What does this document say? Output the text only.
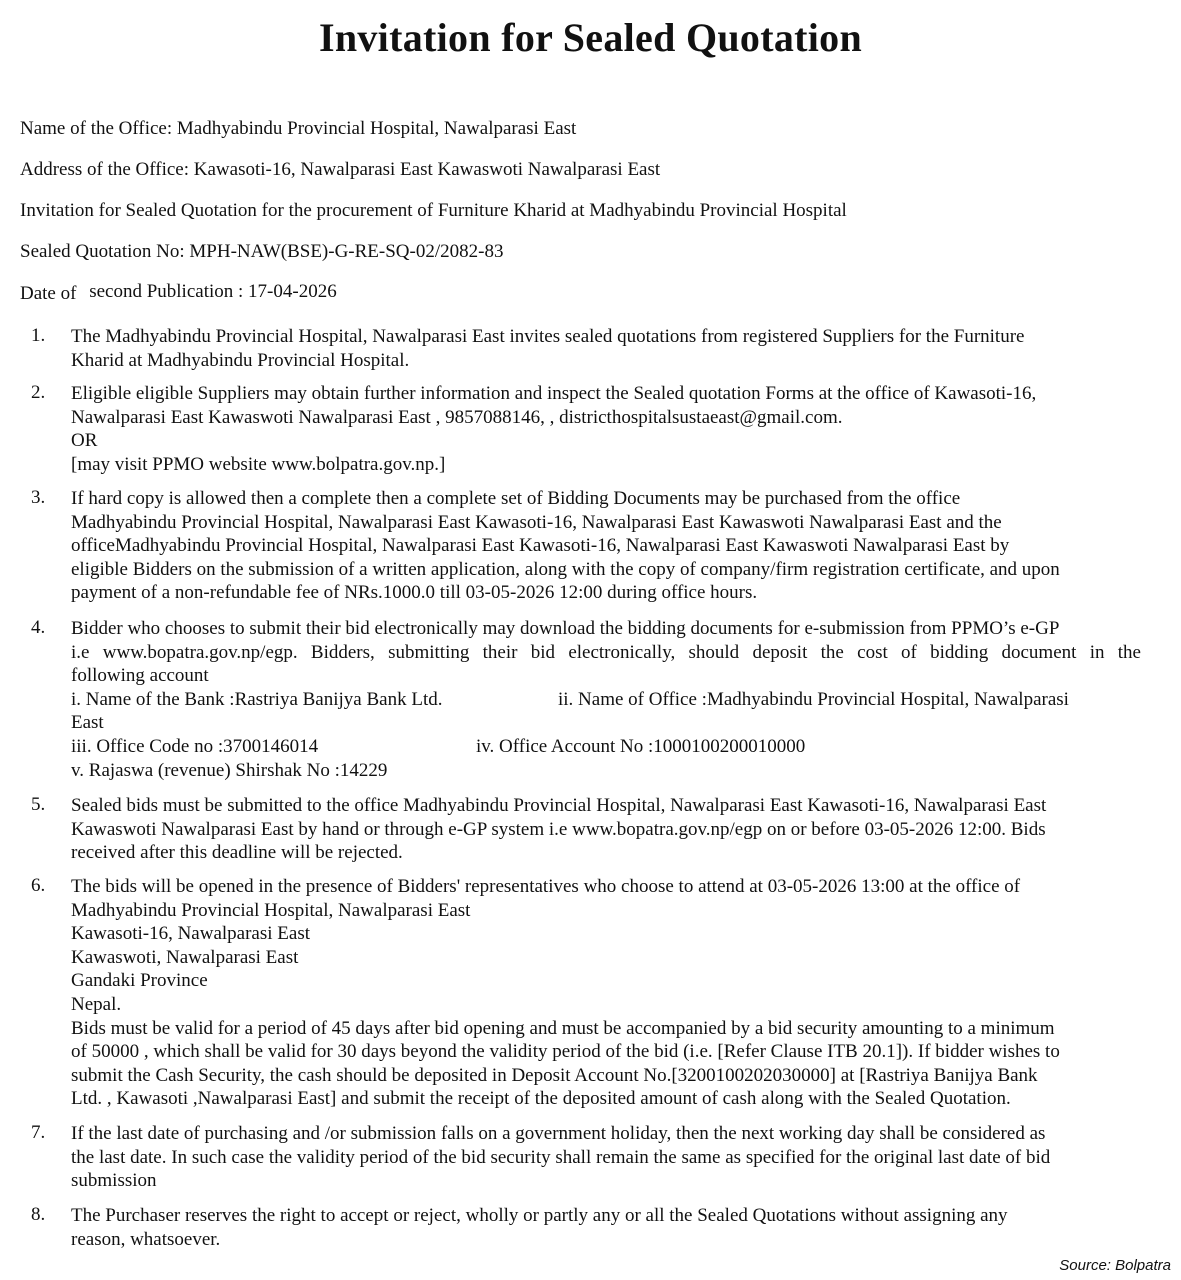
Invitation for Sealed Quotation
Name of the Office: Madhyabindu Provincial Hospital, Nawalparasi East
Address of the Office: Kawasoti-16, Nawalparasi East Kawaswoti Nawalparasi East
Invitation for Sealed Quotation for the procurement of Furniture Kharid at Madhyabindu Provincial Hospital
Sealed Quotation No: MPH-NAW(BSE)-G-RE-SQ-02/2082-83
Date of second Publication : 17-04-2026
1. The Madhyabindu Provincial Hospital, Nawalparasi East invites sealed quotations from registered Suppliers for the Furniture
Kharid at Madhyabindu Provincial Hospital.
2. Eligible eligible Suppliers may obtain further information and inspect the Sealed quotation Forms at the office of Kawasoti-16,
Nawalparasi East Kawaswoti Nawalparasi East , 9857088146, , districthospitalsustaeast@gmail.com.
OR
[may visit PPMO website www.bolpatra.gov.np.]
3. If hard copy is allowed then a complete then a complete set of Bidding Documents may be purchased from the office
Madhyabindu Provincial Hospital, Nawalparasi East Kawasoti-16, Nawalparasi East Kawaswoti Nawalparasi East and the
officeMadhyabindu Provincial Hospital, Nawalparasi East Kawasoti-16, Nawalparasi East Kawaswoti Nawalparasi East by
eligible Bidders on the submission of a written application, along with the copy of company/firm registration certificate, and upon
payment of a non-refundable fee of NRs.1000.0 till 03-05-2026 12:00 during office hours.
4. Bidder who chooses to submit their bid electronically may download the bidding documents for e-submission from PPMO’s e-GP
i.e www.bopatra.gov.np/egp. Bidders, submitting their bid electronically, should deposit the cost of bidding document in the
following account
i. Name of the Bank :Rastriya Banijya Bank Ltd.	ii. Name of Office :Madhyabindu Provincial Hospital, Nawalparasi
East
iii. Office Code no :3700146014	iv. Office Account No :1000100200010000
v. Rajaswa (revenue) Shirshak No :14229
5. Sealed bids must be submitted to the office Madhyabindu Provincial Hospital, Nawalparasi East Kawasoti-16, Nawalparasi East
Kawaswoti Nawalparasi East by hand or through e-GP system i.e www.bopatra.gov.np/egp on or before 03-05-2026 12:00. Bids
received after this deadline will be rejected.
6. The bids will be opened in the presence of Bidders' representatives who choose to attend at 03-05-2026 13:00 at the office of
Madhyabindu Provincial Hospital, Nawalparasi East
Kawasoti-16, Nawalparasi East
Kawaswoti, Nawalparasi East
Gandaki Province
Nepal.
Bids must be valid for a period of 45 days after bid opening and must be accompanied by a bid security amounting to a minimum
of 50000 , which shall be valid for 30 days beyond the validity period of the bid (i.e. [Refer Clause ITB 20.1]). If bidder wishes to
submit the Cash Security, the cash should be deposited in Deposit Account No.[3200100202030000] at [Rastriya Banijya Bank
Ltd. , Kawasoti ,Nawalparasi East] and submit the receipt of the deposited amount of cash along with the Sealed Quotation.
7. If the last date of purchasing and /or submission falls on a government holiday, then the next working day shall be considered as
the last date. In such case the validity period of the bid security shall remain the same as specified for the original last date of bid
submission
8. The Purchaser reserves the right to accept or reject, wholly or partly any or all the Sealed Quotations without assigning any
reason, whatsoever.
Source: Bolpatra
